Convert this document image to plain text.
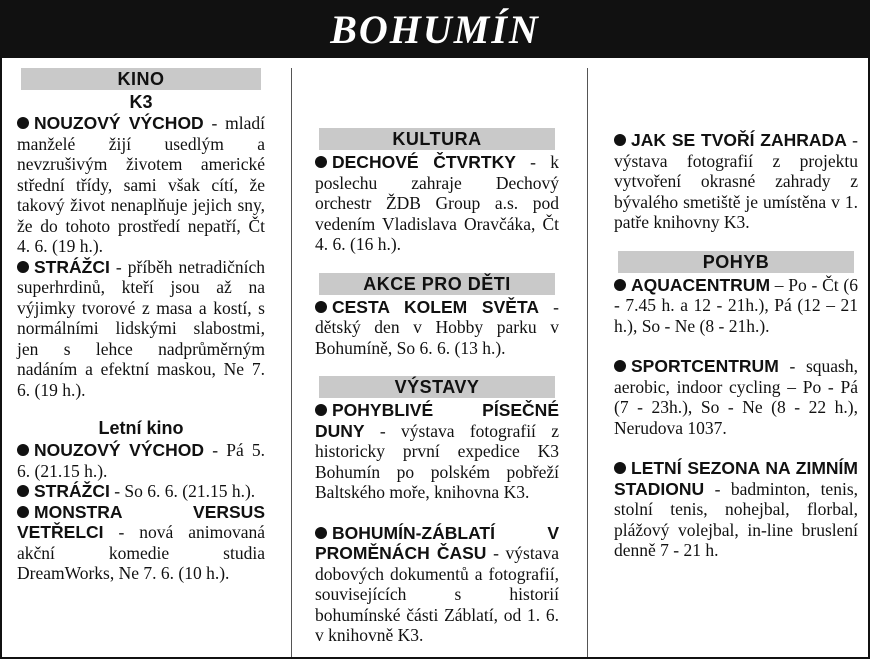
BOHUMÍN
KINO
K3
NOUZOVÝ VÝCHOD - mladí manželé žijí usedlým a nevzrušivým životem americké střední třídy, sami však cítí, že takový život nenaplňuje jejich sny, že do tohoto prostředí nepatří, Čt 4. 6. (19 h.).
STRÁŽCI - příběh netradičních superhrdinů, kteří jsou až na výjimky tvorové z masa a kostí, s normálními lidskými slabostmi, jen s lehce nadprůměrným nadáním a efektní maskou, Ne 7. 6. (19 h.).
Letní kino
NOUZOVÝ VÝCHOD - Pá 5. 6. (21.15 h.).
STRÁŽCI - So 6. 6. (21.15 h.).
MONSTRA VERSUS VETŘELCI - nová animovaná akční komedie studia DreamWorks, Ne 7. 6. (10 h.).
KULTURA
DECHOVÉ ČTVRTKY - k poslechu zahraje Dechový orchestr ŽDB Group a.s. pod vedením Vladislava Oravčáka, Čt 4. 6. (16 h.).
AKCE PRO DĚTI
CESTA KOLEM SVĚTA - dětský den v Hobby parku v Bohumíně, So 6. 6. (13 h.).
VÝSTAVY
POHYBLIVÉ PÍSEČNÉ DUNY - výstava fotografií z historicky první expedice K3 Bohumín po polském pobřeží Baltského moře, knihovna K3.
BOHUMÍN-ZÁBLATÍ V PROMĚNÁCH ČASU - výstava dobových dokumentů a fotografií, souvisejících s historií bohumínské části Záblatí, od 1. 6. v knihovně K3.
JAK SE TVOŘÍ ZAHRADA - výstava fotografií z projektu vytvoření okrasné zahrady z bývalého smetiště je umístěna v 1. patře knihovny K3.
POHYB
AQUACENTRUM – Po - Čt (6 - 7.45 h. a 12 - 21h.), Pá (12 – 21 h.), So - Ne (8 - 21h.).
SPORTCENTRUM - squash, aerobic, indoor cycling – Po - Pá (7 - 23h.), So - Ne (8 - 22 h.), Nerudova 1037.
LETNÍ SEZONA NA ZIMNÍM STADIONU - badminton, tenis, stolní tenis, nohejbal, florbal, plážový volejbal, in-line bruslení denně 7 - 21 h.
